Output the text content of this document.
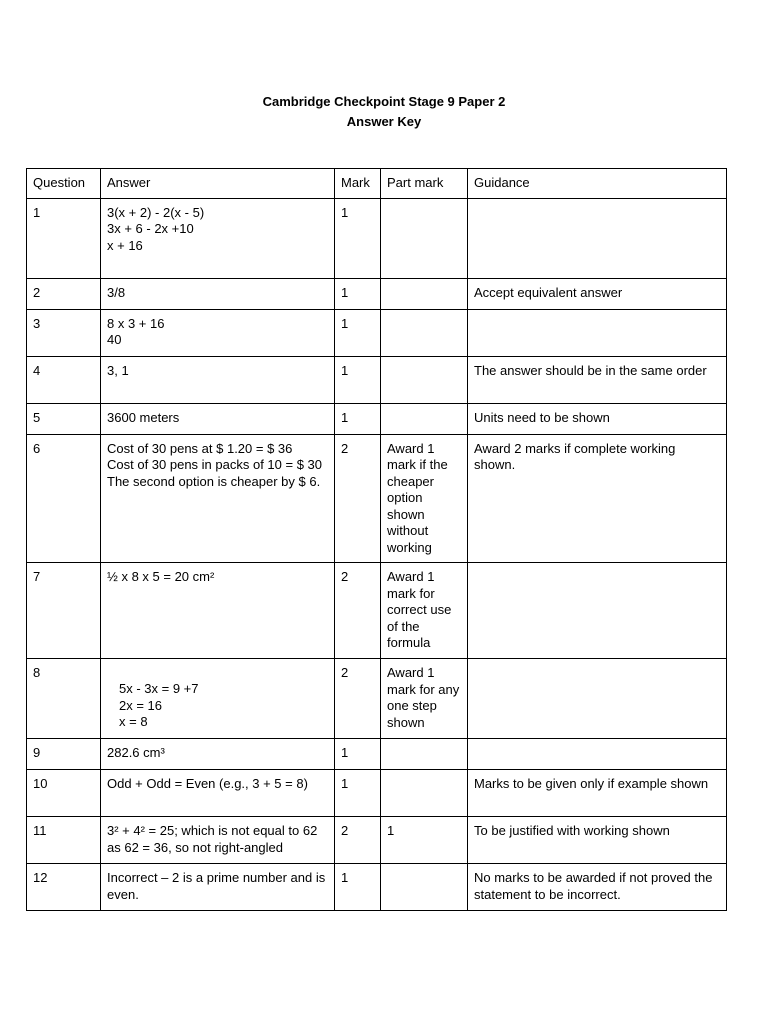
Cambridge Checkpoint Stage 9 Paper 2
Answer Key
Question	Answer	Mark	Part mark	Guidance
1	3(x + 2) - 2(x - 5)
3x + 6 - 2x +10
x + 16	1		
2	3/8	1		Accept equivalent answer
3	8 x 3 + 16
40	1		
4	3, 1	1		The answer should be in the same order
5	3600 meters	1		Units need to be shown
6	Cost of 30 pens at $ 1.20 = $ 36
Cost of 30 pens in packs of 10 = $ 30
The second option is cheaper by $ 6.	2	Award 1 mark if the cheaper option shown without working	Award 2 marks if complete working shown.
7	½ x 8 x 5 = 20 cm²	2	Award 1 mark for correct use of the formula	
8	5x - 3x = 9 +7
2x = 16
x = 8	2	Award 1 mark for any one step shown	
9	282.6 cm³	1		
10	Odd + Odd = Even (e.g., 3 + 5 = 8)	1		Marks to be given only if example shown
11	3² + 4² = 25; which is not equal to 62 as 62 = 36, so not right-angled	2	1	To be justified with working shown
12	Incorrect – 2 is a prime number and is even.	1		No marks to be awarded if not proved the statement to be incorrect.
